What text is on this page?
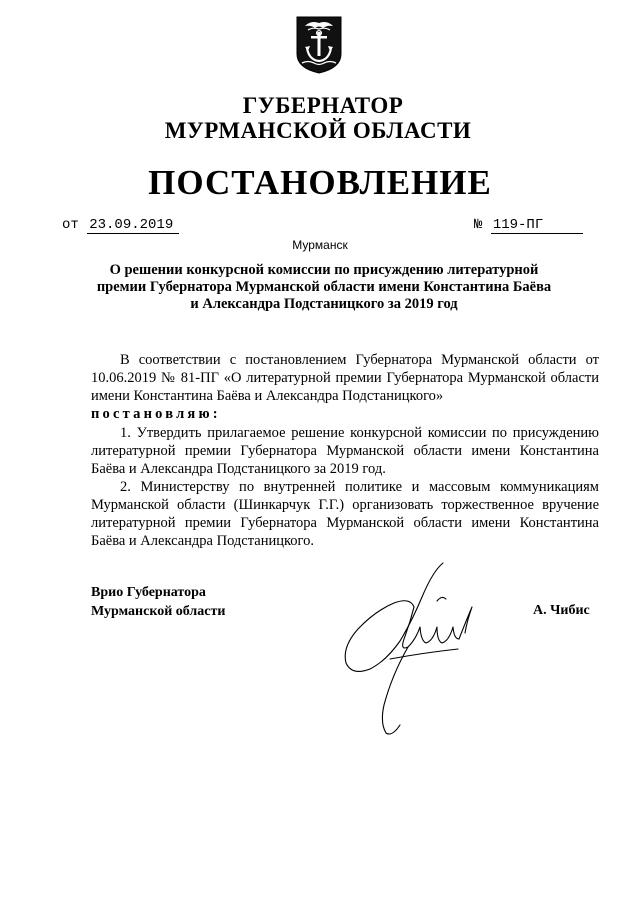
ГУБЕРНАТОР
МУРМАНСКОЙ ОБЛАСТИ
ПОСТАНОВЛЕНИЕ
от 23.09.2019	№ 119-ПГ
Мурманск
О решении конкурсной комиссии по присуждению литературной премии Губернатора Мурманской области имени Константина Баёва и Александра Подстаницкого за 2019 год
В соответствии с постановлением Губернатора Мурманской области от 10.06.2019 № 81-ПГ «О литературной премии Губернатора Мурманской области имени Константина Баёва и Александра Подстаницкого»
постановляю:
1. Утвердить прилагаемое решение конкурсной комиссии по присуждению литературной премии Губернатора Мурманской области имени Константина Баёва и Александра Подстаницкого за 2019 год.
2. Министерству по внутренней политике и массовым коммуникациям Мурманской области (Шинкарчук Г.Г.) организовать торжественное вручение литературной премии Губернатора Мурманской области имени Константина Баёва и Александра Подстаницкого.
Врио Губернатора
Мурманской области	А. Чибис
